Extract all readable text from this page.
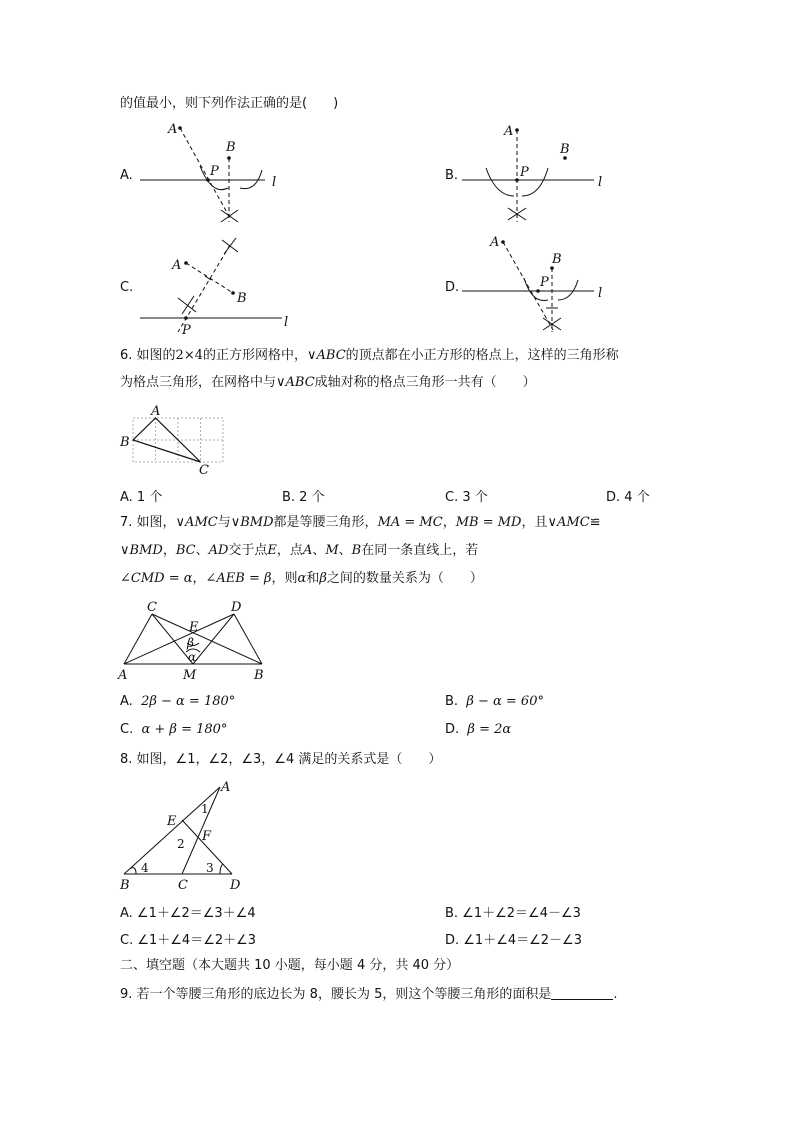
的值最小，则下列作法正确的是(　　)
A.
A
B
P
l
A
B
P
l
A
B
P
l
A
B
P
l
A
B
C
C	D
E
β
α
A	M	B
A
E
F
B	C	D
1
2
3
4
B.
C.	D.
6. 如图的2×4的正方形网格中，∨ABC的顶点都在小正方形的格点上，这样的三角形称
为格点三角形，在网格中与∨ABC成轴对称的格点三角形一共有（　　）
A. 1 个	B. 2 个	C. 3 个	D. 4 个
7. 如图，∨AMC与∨BMD都是等腰三角形，MA = MC，MB = MD，且∨AMC≌
∨BMD，BC、AD交于点E，点A、M、B在同一条直线上，若
∠CMD = α，∠AEB = β，则α和β之间的数量关系为（　　）
A. 2β − α = 180°	B. β − α = 60°
C. α + β = 180°	D. β = 2α
8. 如图，∠1，∠2，∠3，∠4 满足的关系式是（　　）
A. ∠1＋∠2＝∠3＋∠4	B. ∠1＋∠2＝∠4－∠3
C. ∠1＋∠4＝∠2＋∠3	D. ∠1＋∠4＝∠2－∠3
二、填空题（本大题共 10 小题，每小题 4 分，共 40 分）
9. 若一个等腰三角形的底边长为 8，腰长为 5，则这个等腰三角形的面积是	.
